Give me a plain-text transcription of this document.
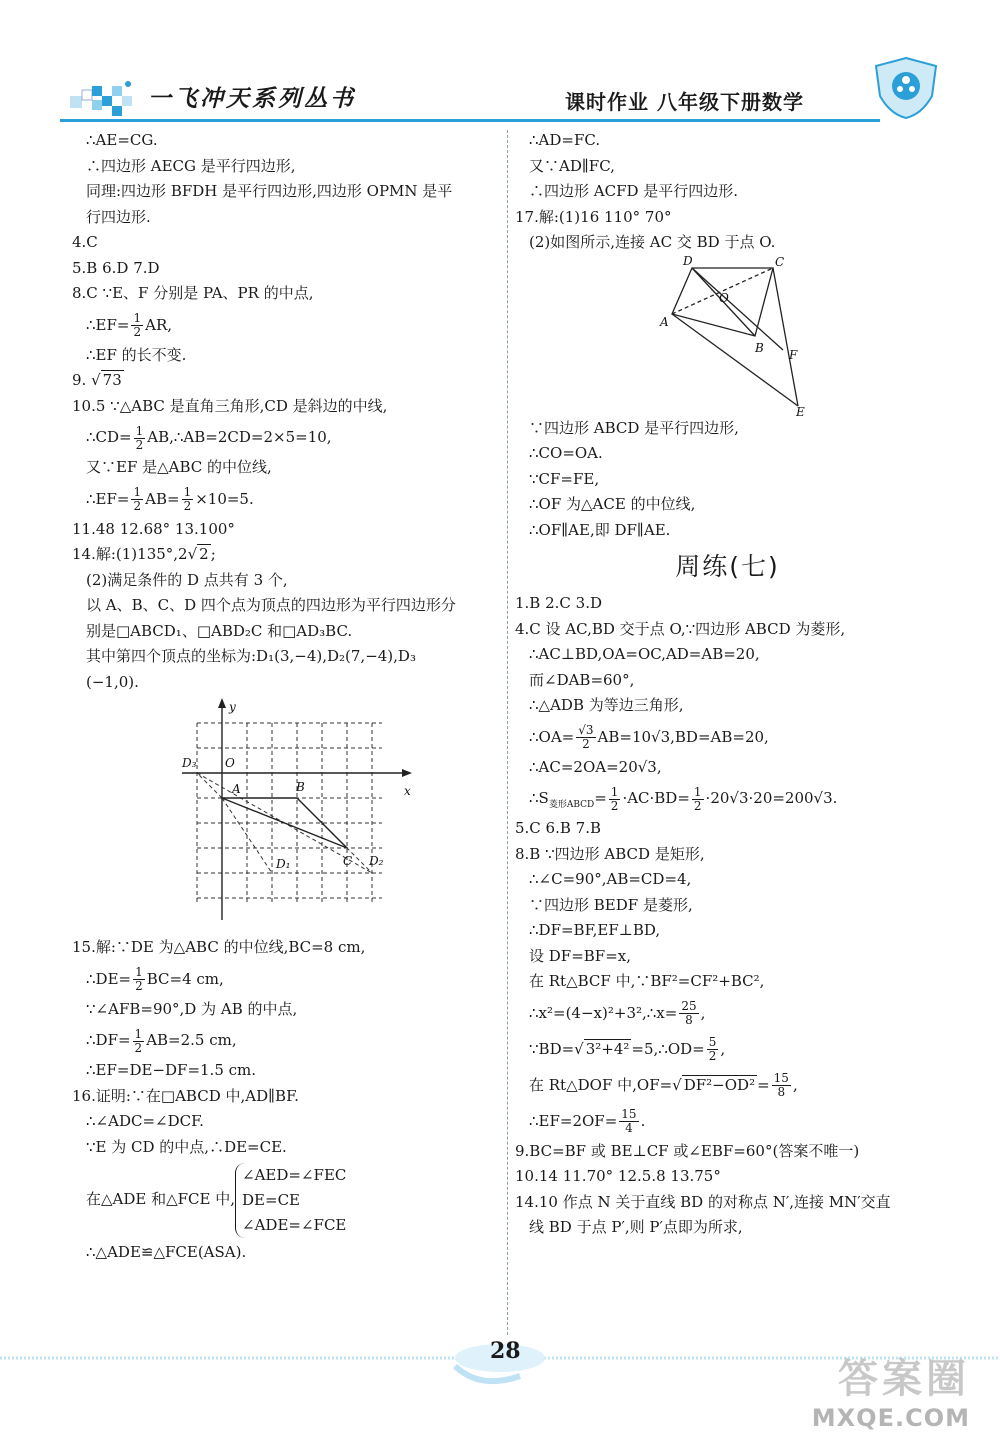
一飞冲天系列丛书	课时作业 八年级下册数学
∴AE=CG.
∴四边形 AECG 是平行四边形,
同理:四边形 BFDH 是平行四边形,四边形 OPMN 是平
行四边形.
4.C
5.B 6.D 7.D
8.C ∵E、F 分别是 PA、PR 的中点,
∴EF= $\frac{1}{2}$ AR,
∴EF 的长不变.
9. √ 73
10.5 ∵△ABC 是直角三角形,CD 是斜边的中线,
∴CD= $\frac{1}{2}$ AB,∴AB=2CD=2×5=10,
又∵EF 是△ABC 的中位线,
∴EF= $\frac{1}{2} AB= \frac{1}{2} \times 10=5$.
11.48 12.68° 13.100°
14.解:(1)135°,2√ 2 ;
(2)满足条件的 D 点共有 3 个,
以 A、B、C、D 四个点为顶点的四边形为平行四边形分
别是□ABCD₁、□ABD₂C 和□AD₃BC.
其中第四个顶点的坐标为:D₁(3,−4),D₂(7,−4),D₃
(−1,0).
y
x
O
D₃
A	B
D₁	C D₂
15.解:∵DE 为△ABC 的中位线,BC=8 cm,
∴DE= $\frac{1}{2} BC=4$ cm,
∵∠AFB=90°,D 为 AB 的中点,
∴DF= $\frac{1}{2} AB=2.5$ cm,
∴EF=DE−DF=1.5 cm.
16.证明:∵在□ABCD 中,AD∥BF.
∴∠ADC=∠DCF.
∵E 为 CD 的中点,∴DE=CE.
在△ADE 和△FCE 中,
∠AED=∠FEC
DE=CE
∠ADE=∠FCE
∴△ADE≌△FCE(ASA).
∴AD=FC.
又∵AD∥FC,
∴四边形 ACFD 是平行四边形.
17.解:(1)16 110° 70°
(2)如图所示,连接 AC 交 BD 于点 O.
D	C
O
A
B F
E
∵四边形 ABCD 是平行四边形,
∴CO=OA.
∵CF=FE,
∴OF 为△ACE 的中位线,
∴OF∥AE,即 DF∥AE.
周练(七)
1.B 2.C 3.D
4.C 设 AC,BD 交于点 O,∵四边形 ABCD 为菱形,
∴AC⊥BD,OA=OC,AD=AB=20,
而∠DAB=60°,
∴△ADB 为等边三角形,
∴OA= $\frac{√3}{2} AB=10√3,BD=AB=20$,
∴AC=2OA=20√3,
$\therefore S_{菱形ABCD}= \frac{1}{2} \cdot AC\cdot BD= \frac{1}{2} \cdot 20√3\cdot 20=200√3$.
5.C 6.B 7.B
8.B ∵四边形 ABCD 是矩形,
∴∠C=90°,AB=CD=4,
∵四边形 BEDF 是菱形,
∴DF=BF,EF⊥BD,
设 DF=BF=x,
在 Rt△BCF 中,∵BF²=CF²+BC²,
∴x²=(4−x)²+3²,∴x= $\frac{25}{8}$ ,
∵BD=√ 3²+4² =5,∴OD= $\frac{5}{2}$ ,
在 Rt△DOF 中,OF=√ $DF^2-OD^2 = \frac{15}{8}$ ,
∴EF=2OF= $\frac{15}{4}$ .
9.BC=BF 或 BE⊥CF 或∠EBF=60°(答案不唯一)
10.14 11.70° 12.5.8 13.75°
14.10 作点 N 关于直线 BD 的对称点 N′,连接 MN′交直
线 BD 于点 P′,则 P′点即为所求,
28
答案圈
MXQE.COM
